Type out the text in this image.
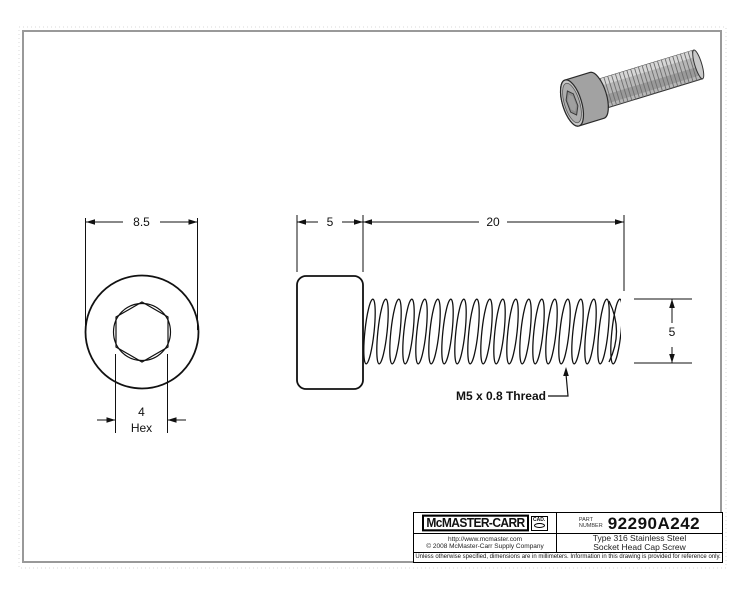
8.5
4
Hex
5	20
5
M5 x 0.8 Thread
McMASTER-CARR	CAD.	PART
NUMBER 92290A242
http://www.mcmaster.com
© 2008 McMaster-Carr Supply Company
Type 316 Stainless Steel
Socket Head Cap Screw
Unless otherwise specified, dimensions are in millimeters. Information in this drawing is provided for reference only.
